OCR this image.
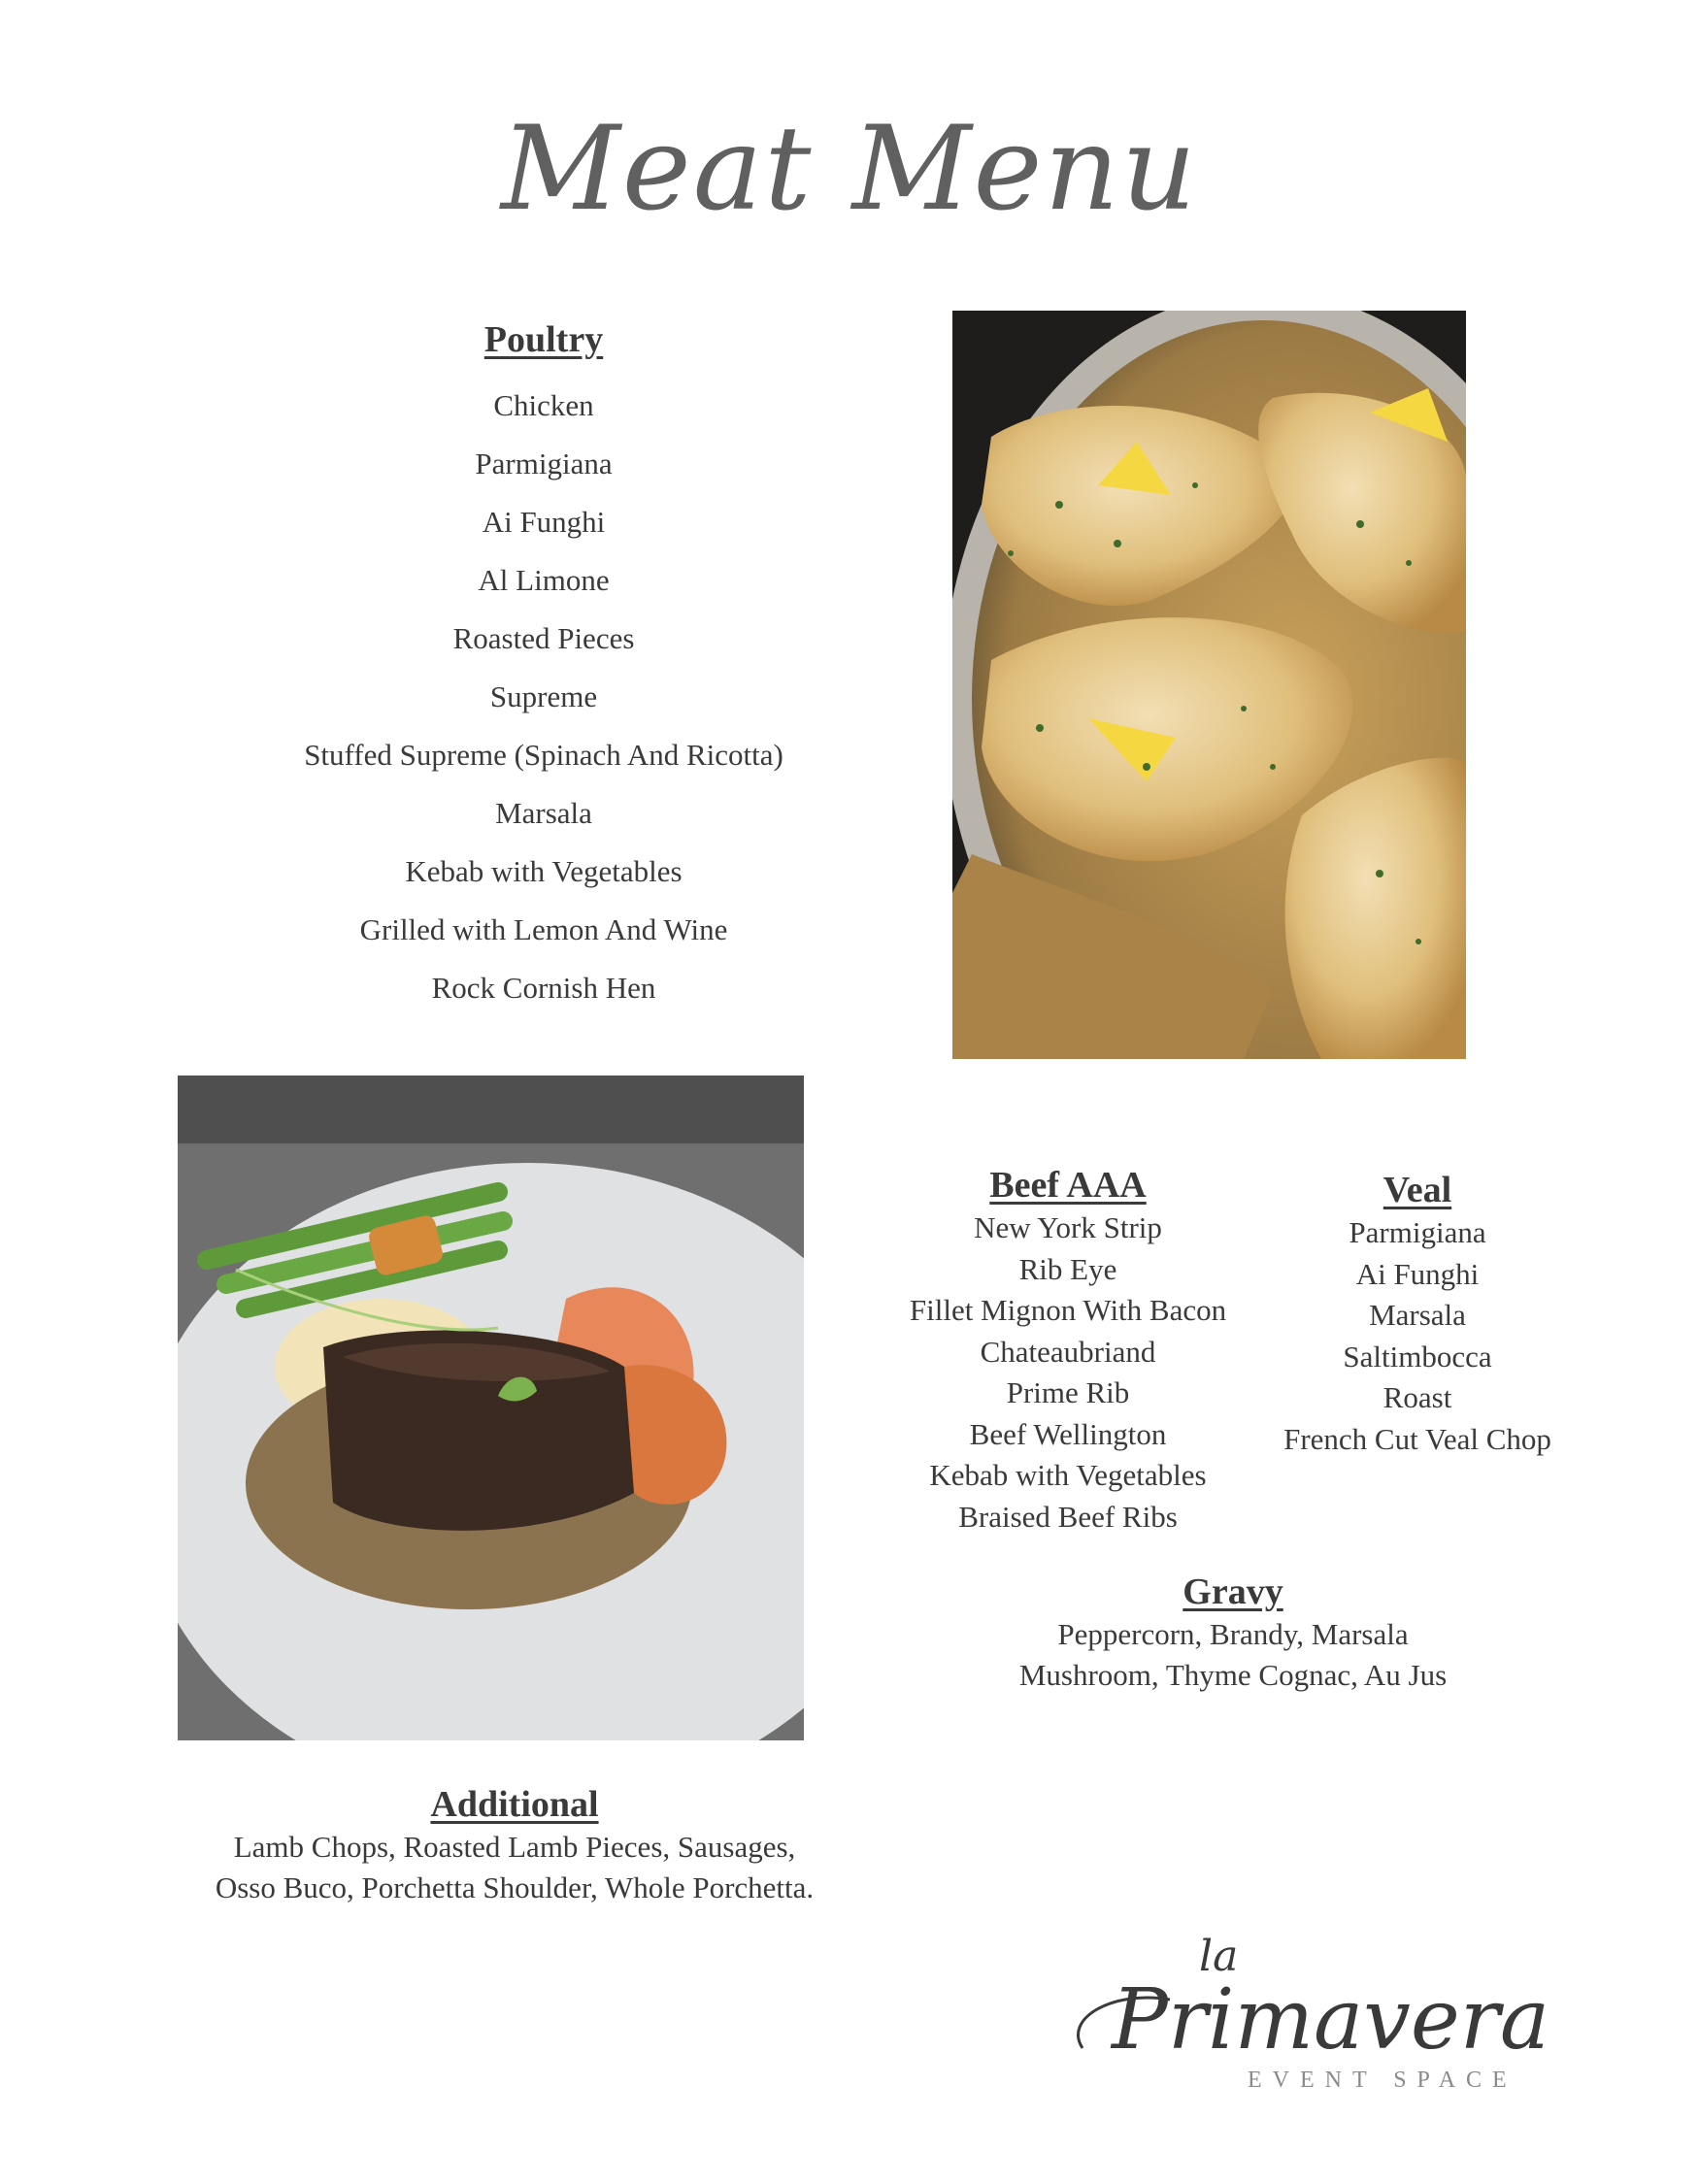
Meat Menu
Poultry
Chicken
Parmigiana
Ai Funghi
Al Limone
Roasted Pieces
Supreme
Stuffed Supreme (Spinach And Ricotta)
Marsala
Kebab with Vegetables
Grilled with Lemon And Wine
Rock Cornish Hen
Beef AAA
New York Strip
Rib Eye
Fillet Mignon With Bacon
Chateaubriand
Prime Rib
Beef Wellington
Kebab with Vegetables
Braised Beef Ribs
Veal
Parmigiana
Ai Funghi
Marsala
Saltimbocca
Roast
French Cut Veal Chop
Gravy
Peppercorn, Brandy, Marsala
Mushroom, Thyme Cognac, Au Jus
Additional
Lamb Chops, Roasted Lamb Pieces, Sausages,
Osso Buco, Porchetta Shoulder, Whole Porchetta.
la
Primavera
EVENT SPACE
